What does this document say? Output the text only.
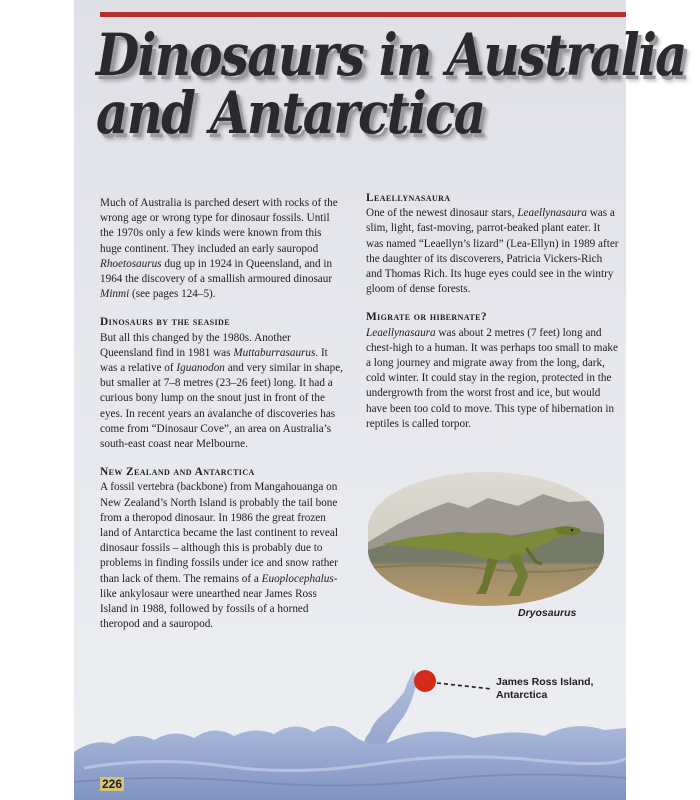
Dinosaurs in Australia
and Antarctica

Much of Australia is parched desert with rocks of the wrong age or wrong type for dinosaur fossils. Until the 1970s only a few kinds were known from this huge continent. They included an early sauropod Rhoetosaurus dug up in 1924 in Queensland, and in 1964 the discovery of a smallish armoured dinosaur Minmi (see pages 124–5).

Dinosaurs by the seaside

But all this changed by the 1980s. Another Queensland find in 1981 was Muttaburrasaurus. It was a relative of Iguanodon and very similar in shape, but smaller at 7–8 metres (23–26 feet) long. It had a curious bony lump on the snout just in front of the eyes. In recent years an avalanche of discoveries has come from “Dinosaur Cove”, an area on Australia’s south-east coast near Melbourne.

New Zealand and Antarctica

A fossil vertebra (backbone) from Mangahouanga on New Zealand’s North Island is probably the tail bone from a theropod dinosaur. In 1986 the great frozen land of Antarctica became the last continent to reveal dinosaur fossils – although this is probably due to problems in finding fossils under ice and snow rather than lack of them. The remains of a Euoplocephalus-like ankylosaur were unearthed near James Ross Island in 1988, followed by fossils of a horned theropod and a sauropod.

Leaellynasaura

One of the newest dinosaur stars, Leaellynasaura was a slim, light, fast-moving, parrot-beaked plant eater. It was named “Leaellyn’s lizard” (Lea-Ellyn) in 1989 after the daughter of its discoverers, Patricia Vickers-Rich and Thomas Rich. Its huge eyes could see in the wintry gloom of dense forests.

Migrate or hibernate?

Leaellynasaura was about 2 metres (7 feet) long and chest-high to a human. It was perhaps too small to make a long journey and migrate away from the long, dark, cold winter. It could stay in the region, protected in the undergrowth from the worst frost and ice, but would have been too cold to move. This type of hibernation in reptiles is called torpor.

Dryosaurus
James Ross Island,
Antarctica
226
